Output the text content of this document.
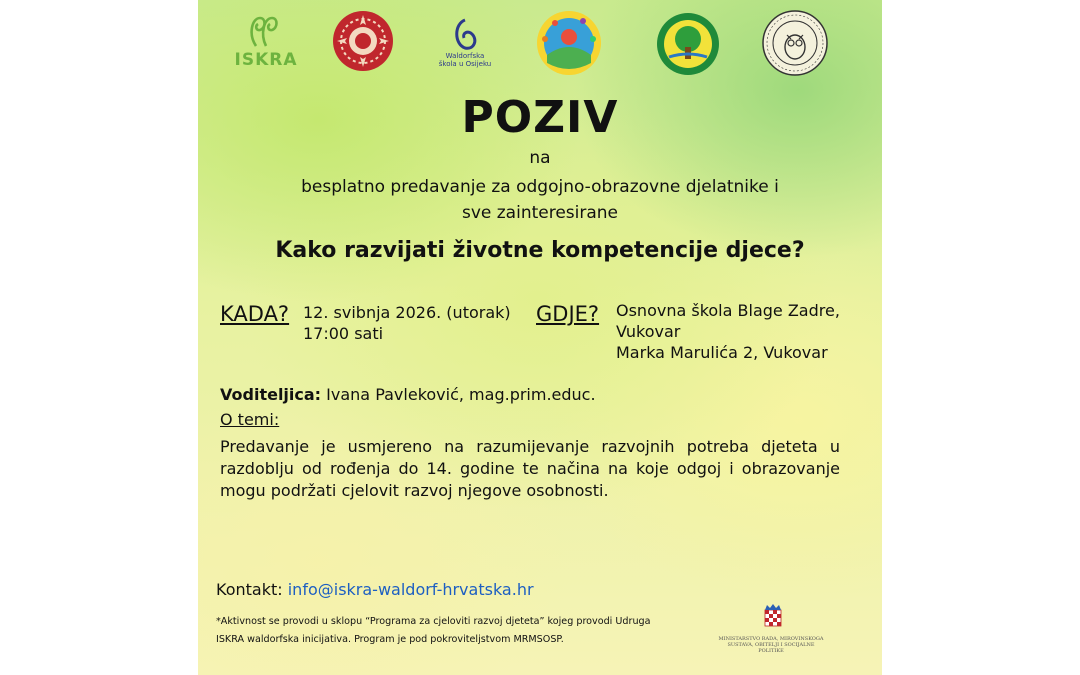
ISKRA	Waldorfska
škola u Osijeku
POZIV
na
besplatno predavanje za odgojno-obrazovne djelatnike i
sve zainteresirane
Kako razvijati životne kompetencije djece?
KADA? 12. svibnja 2026. (utorak)
17:00 sati
GDJE? Osnovna škola Blage Zadre,
Vukovar
Marka Marulića 2, Vukovar
Voditeljica: Ivana Pavleković, mag.prim.educ.
O temi:
Predavanje je usmjereno na razumijevanje razvojnih potreba djeteta u razdoblju od rođenja do 14. godine te načina na koje odgoj i obrazovanje mogu podržati cjelovit razvoj njegove osobnosti.
Kontakt: info@iskra-waldorf-hrvatska.hr
*Aktivnost se provodi u sklopu “Programa za cjeloviti razvoj djeteta” kojeg provodi Udruga
ISKRA waldorfska inicijativa. Program je pod pokroviteljstvom MRMSOSP.	MINISTARSTVO RADA, MIROVINSKOGA SUSTAVA, OBITELJI I SOCIJALNE POLITIKE
